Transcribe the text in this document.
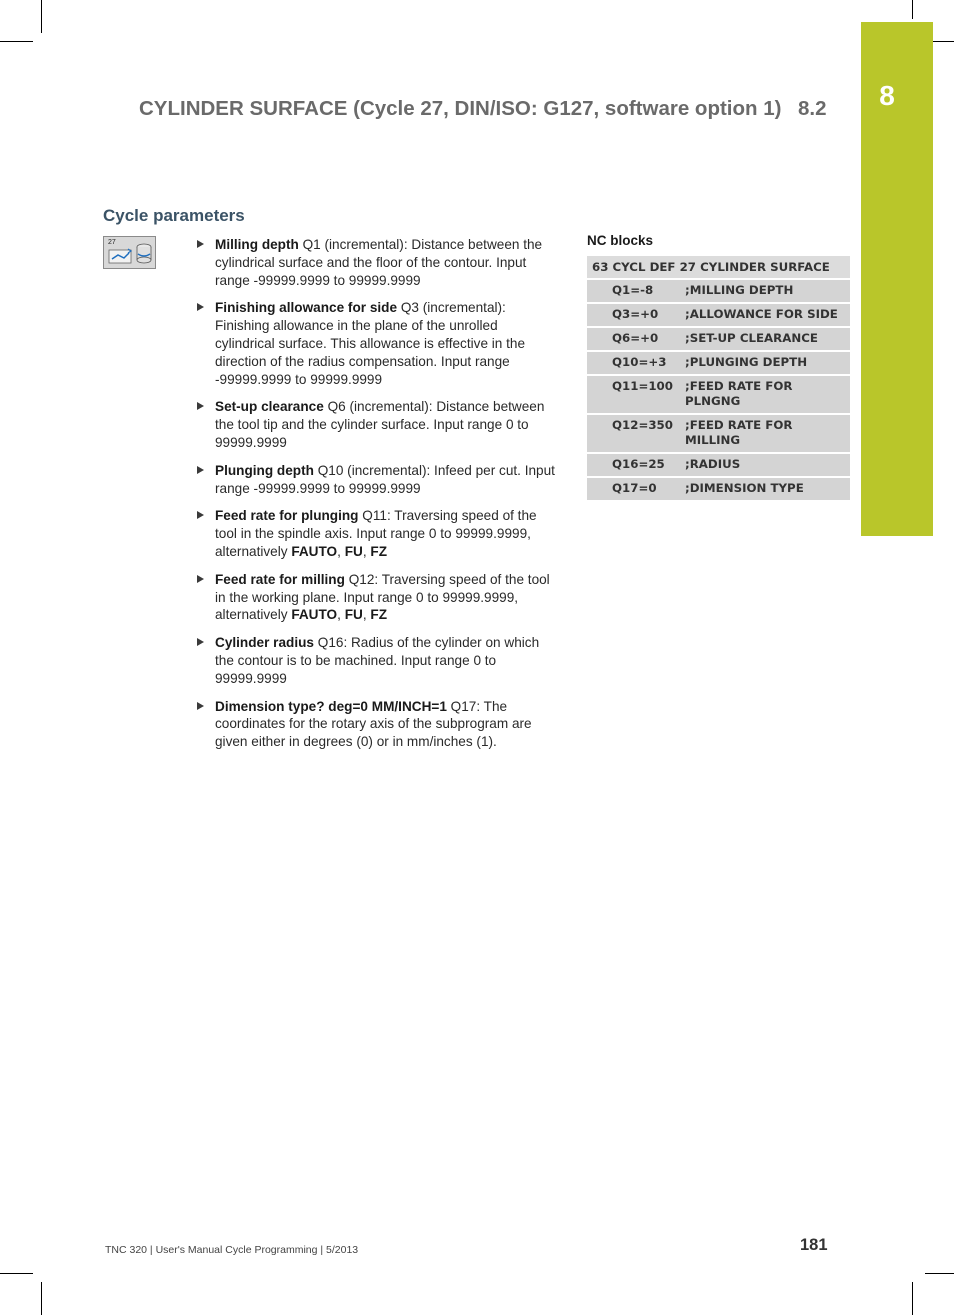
8
CYLINDER SURFACE (Cycle 27, DIN/ISO: G127, software option 1) 8.2
Cycle parameters
27	Milling depth Q1 (incremental): Distance between the cylindrical surface and the floor of the contour. Input range -99999.9999 to 99999.9999
Finishing allowance for side Q3 (incremental): Finishing allowance in the plane of the unrolled cylindrical surface. This allowance is effective in the direction of the radius compensation. Input range -99999.9999 to 99999.9999
Set-up clearance Q6 (incremental): Distance between the tool tip and the cylinder surface. Input range 0 to 99999.9999
Plunging depth Q10 (incremental): Infeed per cut. Input range -99999.9999 to 99999.9999
Feed rate for plunging Q11: Traversing speed of the tool in the spindle axis. Input range 0 to 99999.9999, alternatively FAUTO, FU, FZ
Feed rate for milling Q12: Traversing speed of the tool in the working plane. Input range 0 to 99999.9999, alternatively FAUTO, FU, FZ
Cylinder radius Q16: Radius of the cylinder on which the contour is to be machined. Input range 0 to 99999.9999
Dimension type? deg=0 MM/INCH=1 Q17: The coordinates for the rotary axis of the subprogram are given either in degrees (0) or in mm/inches (1).
NC blocks
63 CYCL DEF 27 CYLINDER SURFACE
Q1=-8	;MILLING DEPTH
Q3=+0	;ALLOWANCE FOR SIDE
Q6=+0	;SET-UP CLEARANCE
Q10=+3	;PLUNGING DEPTH
Q11=100	;FEED RATE FOR PLNGNG
Q12=350	;FEED RATE FOR MILLING
Q16=25	;RADIUS
Q17=0	;DIMENSION TYPE
TNC 320 | User's Manual Cycle Programming | 5/2013	181
